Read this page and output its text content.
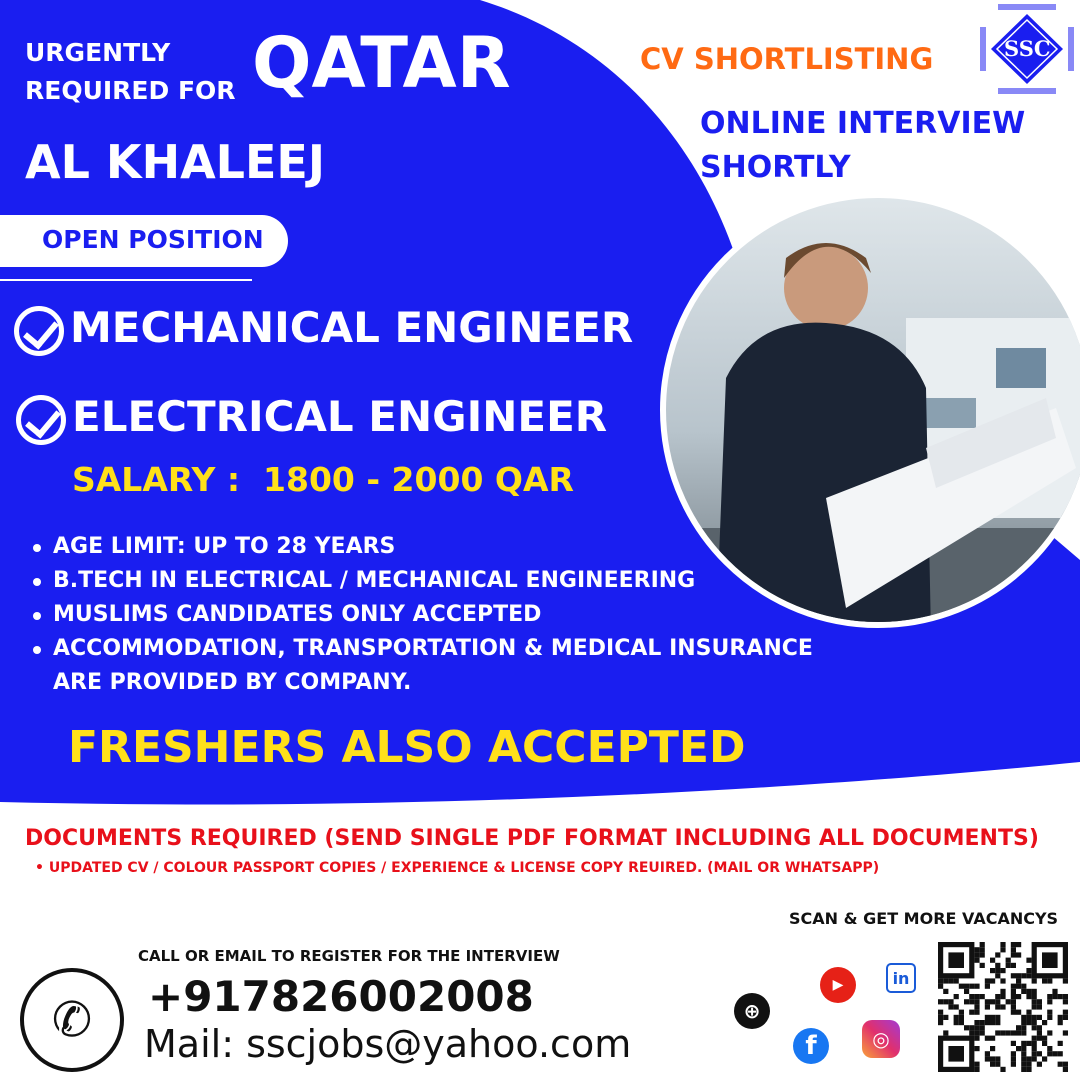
URGENTLY
REQUIRED FOR QATAR
AL KHALEEJ
CV SHORTLISTING
ONLINE INTERVIEW
SHORTLY
SSC
OPEN POSITION
MECHANICAL ENGINEER
ELECTRICAL ENGINEER
SALARY :  1800 - 2000 QAR
AGE LIMIT: UP TO 28 YEARS
B.TECH IN ELECTRICAL / MECHANICAL ENGINEERING
MUSLIMS CANDIDATES ONLY ACCEPTED
ACCOMMODATION, TRANSPORTATION & MEDICAL INSURANCE ARE PROVIDED BY COMPANY.
FRESHERS ALSO ACCEPTED
DOCUMENTS REQUIRED (SEND SINGLE PDF FORMAT INCLUDING ALL DOCUMENTS)
• UPDATED CV / COLOUR PASSPORT COPIES / EXPERIENCE & LICENSE COPY REUIRED. (MAIL OR WHATSAPP)
CALL OR EMAIL TO REGISTER FOR THE INTERVIEW
✆	+917826002008
Mail: sscjobs@yahoo.com
SCAN & GET MORE VACANCYS
⊕
▶	in
f	◎
